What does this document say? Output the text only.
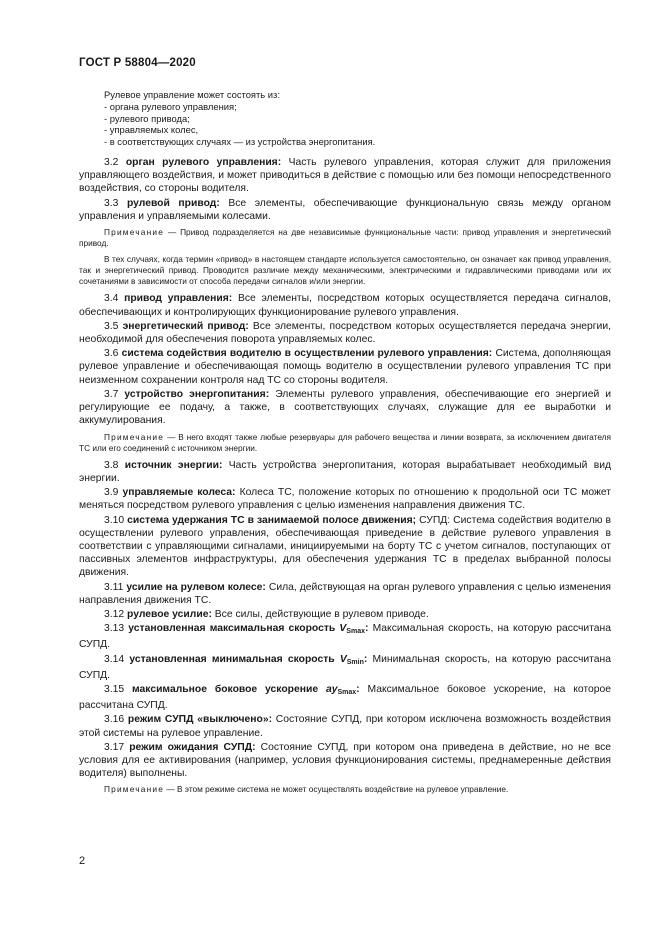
ГОСТ Р 58804—2020
Рулевое управление может состоять из:
- органа рулевого управления;
- рулевого привода;
- управляемых колес,
- в соответствующих случаях — из устройства энергопитания.

3.2 орган рулевого управления: Часть рулевого управления, которая служит для приложения управляющего воздействия, и может приводиться в действие с помощью или без помощи непосредственного воздействия, со стороны водителя.

3.3 рулевой привод: Все элементы, обеспечивающие функциональную связь между органом управления и управляемыми колесами.

Примечание — Привод подразделяется на две независимые функциональные части: привод управления и энергетический привод.

В тех случаях, когда термин «привод» в настоящем стандарте используется самостоятельно, он означает как привод управления, так и энергетический привод. Проводится различие между механическими, электрическими и гидравлическими приводами или их сочетаниями в зависимости от способа передачи сигналов и/или энергии.

3.4 привод управления: Все элементы, посредством которых осуществляется передача сигналов, обеспечивающих и контролирующих функционирование рулевого управления.

3.5 энергетический привод: Все элементы, посредством которых осуществляется передача энергии, необходимой для обеспечения поворота управляемых колес.

3.6 система содействия водителю в осуществлении рулевого управления: Система, дополняющая рулевое управление и обеспечивающая помощь водителю в осуществлении рулевого управления ТС при неизменном сохранении контроля над ТС со стороны водителя.

3.7 устройство энергопитания: Элементы рулевого управления, обеспечивающие его энергией и регулирующие ее подачу, а также, в соответствующих случаях, служащие для ее выработки и аккумулирования.

Примечание — В него входят также любые резервуары для рабочего вещества и линии возврата, за исключением двигателя ТС или его соединений с источником энергии.

3.8 источник энергии: Часть устройства энергопитания, которая вырабатывает необходимый вид энергии.

3.9 управляемые колеса: Колеса ТС, положение которых по отношению к продольной оси ТС может меняться посредством рулевого управления с целью изменения направления движения ТС.

3.10 система удержания ТС в занимаемой полосе движения; СУПД: Система содействия водителю в осуществлении рулевого управления, обеспечивающая приведение в действие рулевого управления в соответствии с управляющими сигналами, инициируемыми на борту ТС с учетом сигналов, поступающих от пассивных элементов инфраструктуры, для обеспечения удержания ТС в пределах выбранной полосы движения.

3.11 усилие на рулевом колесе: Сила, действующая на орган рулевого управления с целью изменения направления движения ТС.

3.12 рулевое усилие: Все силы, действующие в рулевом приводе.

3.13 установленная максимальная скорость $V_{Smax}$: Максимальная скорость, на которую рассчитана СУПД.

3.14 установленная минимальная скорость $V_{Smin}$: Минимальная скорость, на которую рассчитана СУПД.

3.15 максимальное боковое ускорение $ay_{Smax}$: Максимальное боковое ускорение, на которое рассчитана СУПД.

3.16 режим СУПД «выключено»: Состояние СУПД, при котором исключена возможность воздействия этой системы на рулевое управление.

3.17 режим ожидания СУПД: Состояние СУПД, при котором она приведена в действие, но не все условия для ее активирования (например, условия функционирования системы, преднамеренные действия водителя) выполнены.

Примечание — В этом режиме система не может осуществлять воздействие на рулевое управление.

2
